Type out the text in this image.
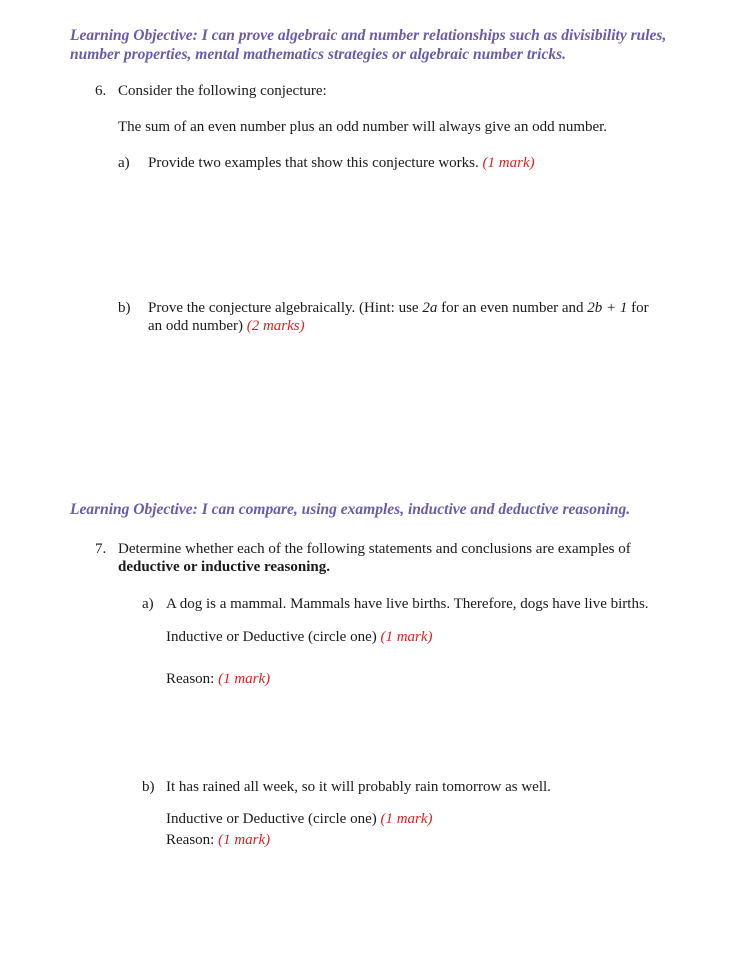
Learning Objective: I can prove algebraic and number relationships such as divisibility rules,
number properties, mental mathematics strategies or algebraic number tricks.
6. Consider the following conjecture:
The sum of an even number plus an odd number will always give an odd number.
a) Provide two examples that show this conjecture works. (1 mark)
b) Prove the conjecture algebraically. (Hint: use 2a for an even number and 2b + 1 for
an odd number) (2 marks)
Learning Objective: I can compare, using examples, inductive and deductive reasoning.
7. Determine whether each of the following statements and conclusions are examples of
deductive or inductive reasoning.
a) A dog is a mammal. Mammals have live births. Therefore, dogs have live births.
Inductive or Deductive (circle one) (1 mark)
Reason: (1 mark)
b) It has rained all week, so it will probably rain tomorrow as well.
Inductive or Deductive (circle one) (1 mark)
Reason: (1 mark)
